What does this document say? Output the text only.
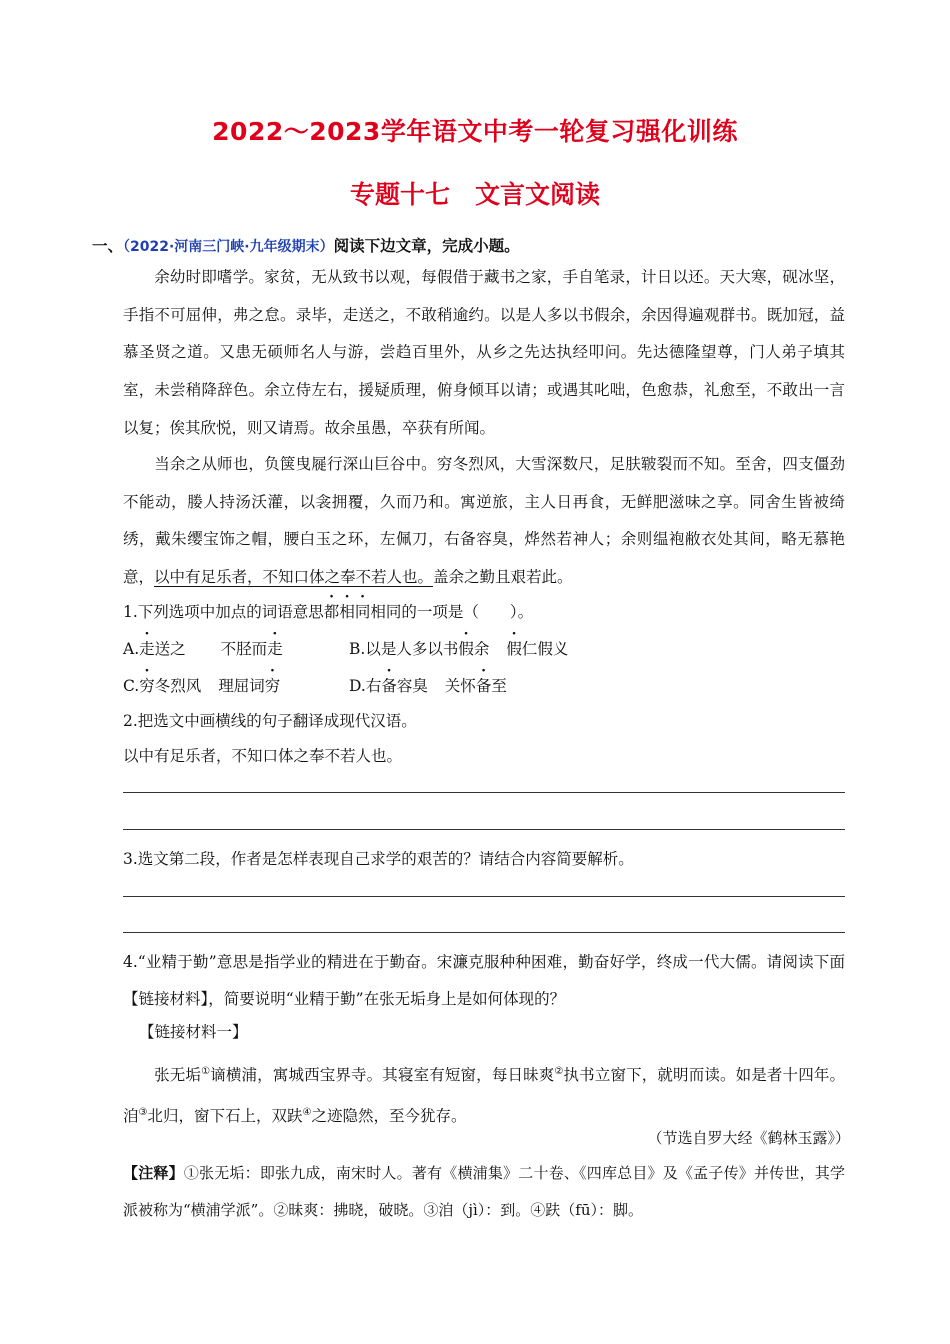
2022～2023学年语文中考一轮复习强化训练
专题十七　文言文阅读
一、（2022·河南三门峡·九年级期末）阅读下边文章，完成小题。

余幼时即嗜学。家贫，无从致书以观，每假借于藏书之家，手自笔录，计日以还。天大寒，砚冰坚，手指不可屈伸，弗之怠。录毕，走送之，不敢稍逾约。以是人多以书假余，余因得遍观群书。既加冠，益慕圣贤之道。又患无硕师名人与游，尝趋百里外，从乡之先达执经叩问。先达德隆望尊，门人弟子填其室，未尝稍降辞色。余立侍左右，援疑质理，俯身倾耳以请；或遇其叱咄，色愈恭，礼愈至，不敢出一言以复；俟其欣悦，则又请焉。故余虽愚，卒获有所闻。

当余之从师也，负箧曳屣行深山巨谷中。穷冬烈风，大雪深数尺，足肤皲裂而不知。至舍，四支僵劲不能动，媵人持汤沃灌，以衾拥覆，久而乃和。寓逆旅，主人日再食，无鲜肥滋味之享。同舍生皆被绮绣，戴朱缨宝饰之帽，腰白玉之环，左佩刀，右备容臭，烨然若神人；余则缊袍敝衣处其间，略无慕艳意，以中有足乐者，不知口体之奉不若人也。盖余之勤且艰若此。

1.下列选项中加点的词语意思都相同相同的一项是（　　）。
A.走送之 不胫而走	B.以是人多以书假余 假仁假义
C.穷冬烈风 理屈词穷	D.右备容臭 关怀备至
2.把选文中画横线的句子翻译成现代汉语。
以中有足乐者，不知口体之奉不若人也。
3.选文第二段，作者是怎样表现自己求学的艰苦的？请结合内容简要解析。

4.“业精于勤”意思是指学业的精进在于勤奋。宋濂克服种种困难，勤奋好学，终成一代大儒。请阅读下面【链接材料】，简要说明“业精于勤”在张无垢身上是如何体现的？

【链接材料一】

张无垢①谪横浦，寓城西宝界寺。其寝室有短窗，每日昧爽②执书立窗下，就明而读。如是者十四年。洎③北归，窗下石上，双趺④之迹隐然，至今犹存。

（节选自罗大经《鹤林玉露》）

【注释】①张无垢：即张九成，南宋时人。著有《横浦集》二十卷、《四库总目》及《孟子传》并传世，其学派被称为“横浦学派”。②昧爽：拂晓，破晓。③洎（jì）：到。④趺（fū）：脚。
